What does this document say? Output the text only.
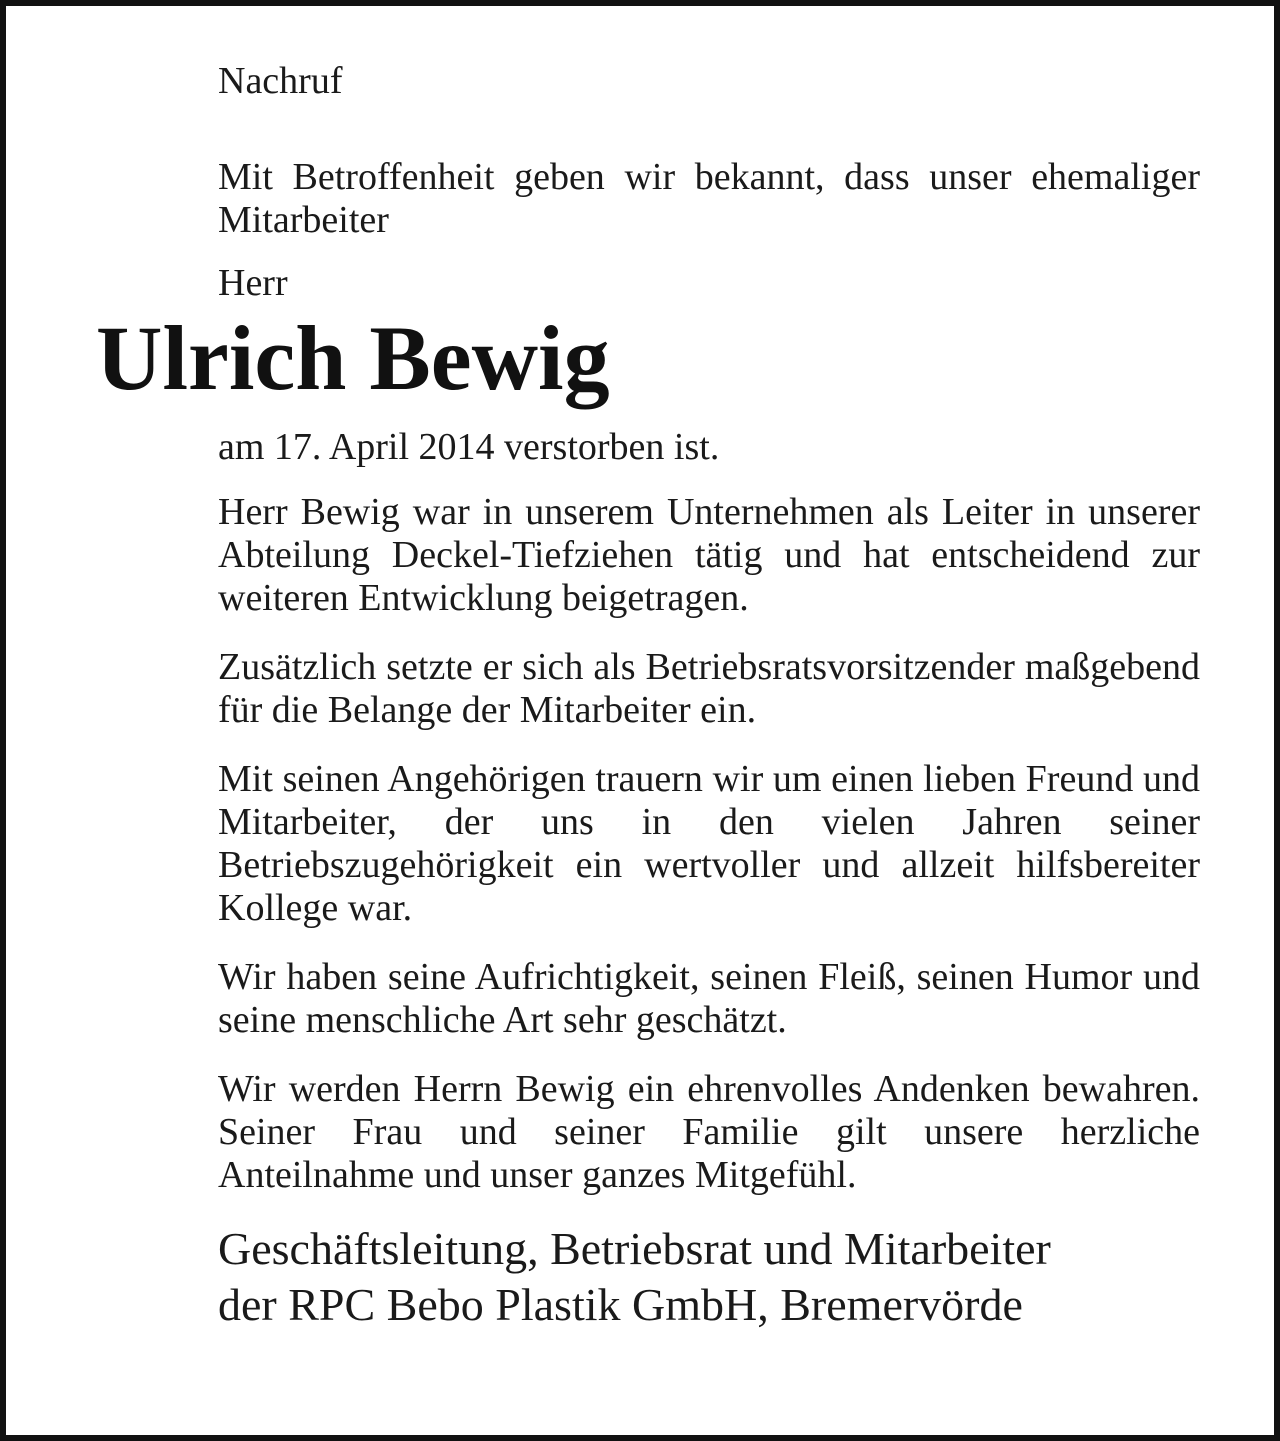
Nachruf

Mit Betroffenheit geben wir bekannt, dass unser ehemaliger Mitarbeiter

Herr

Ulrich Bewig

am 17. April 2014 verstorben ist.

Herr Bewig war in unserem Unternehmen als Leiter in unserer Abteilung Deckel-Tiefziehen tätig und hat entscheidend zur weiteren Entwicklung beigetragen.

Zusätzlich setzte er sich als Betriebsratsvorsitzender maßgebend für die Belange der Mitarbeiter ein.

Mit seinen Angehörigen trauern wir um einen lieben Freund und Mitarbeiter, der uns in den vielen Jahren seiner Betriebszugehörigkeit ein wertvoller und allzeit hilfsbereiter Kollege war.

Wir haben seine Aufrichtigkeit, seinen Fleiß, seinen Humor und seine menschliche Art sehr geschätzt.

Wir werden Herrn Bewig ein ehrenvolles Andenken bewahren. Seiner Frau und seiner Familie gilt unsere herzliche Anteilnahme und unser ganzes Mitgefühl.

Geschäftsleitung, Betriebsrat und Mitarbeiter

der RPC Bebo Plastik GmbH, Bremervörde
